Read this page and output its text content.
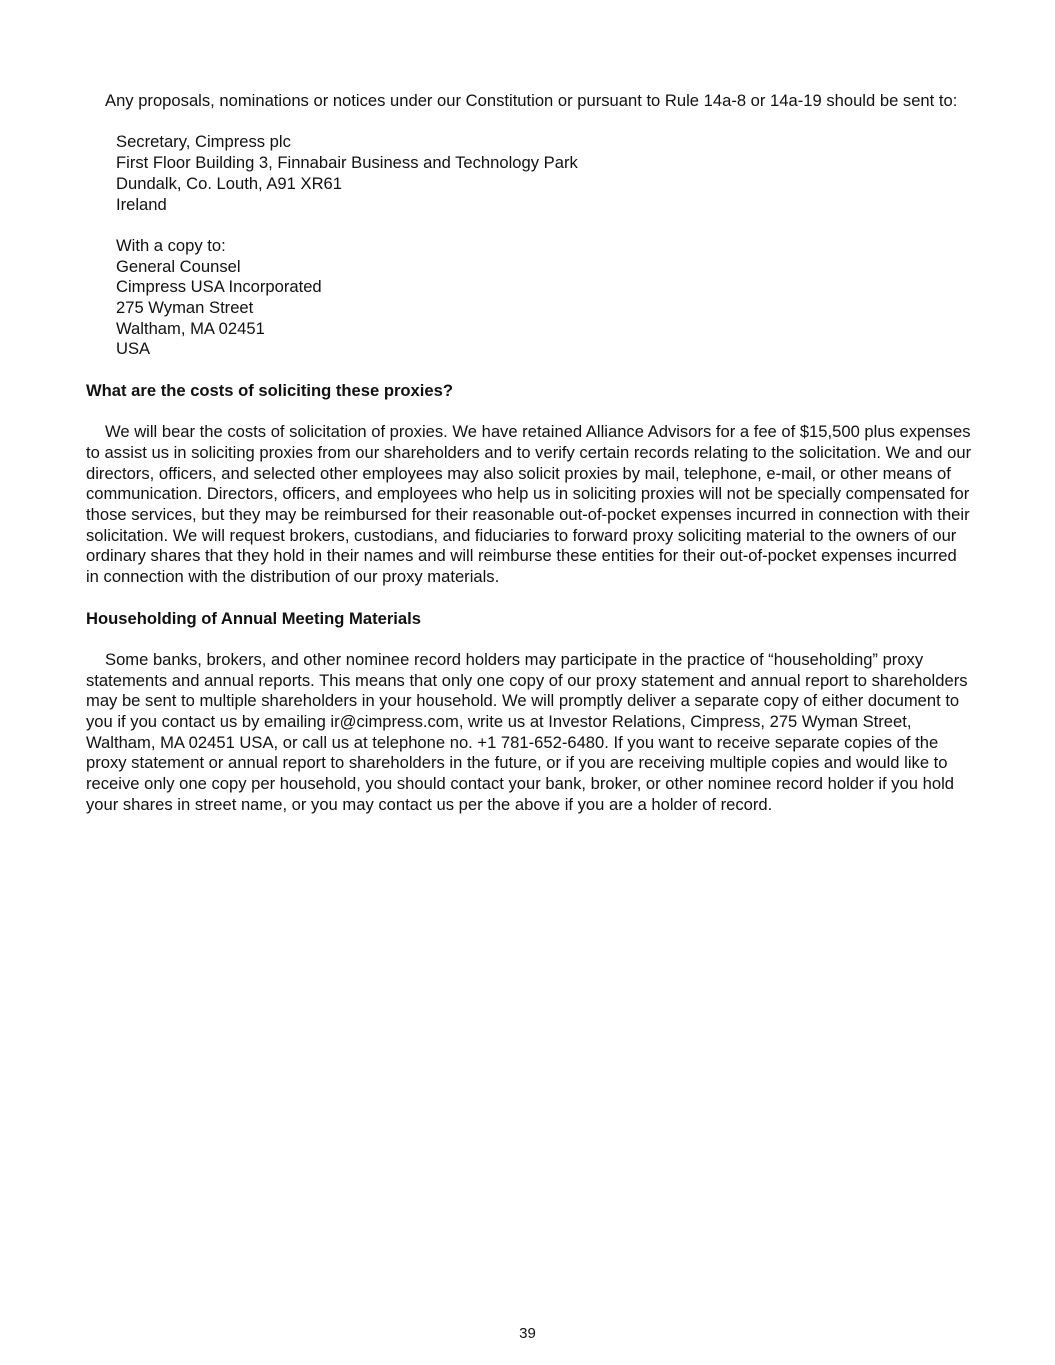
Any proposals, nominations or notices under our Constitution or pursuant to Rule 14a-8 or 14a-19 should be sent to:

Secretary, Cimpress plc
First Floor Building 3, Finnabair Business and Technology Park
Dundalk, Co. Louth, A91 XR61
Ireland
With a copy to:
General Counsel
Cimpress USA Incorporated
275 Wyman Street
Waltham, MA 02451
USA

What are the costs of soliciting these proxies?

We will bear the costs of solicitation of proxies. We have retained Alliance Advisors for a fee of $15,500 plus expenses to assist us in soliciting proxies from our shareholders and to verify certain records relating to the solicitation. We and our directors, officers, and selected other employees may also solicit proxies by mail, telephone, e-mail, or other means of communication. Directors, officers, and employees who help us in soliciting proxies will not be specially compensated for those services, but they may be reimbursed for their reasonable out-of-pocket expenses incurred in connection with their solicitation. We will request brokers, custodians, and fiduciaries to forward proxy soliciting material to the owners of our ordinary shares that they hold in their names and will reimburse these entities for their out-of-pocket expenses incurred in connection with the distribution of our proxy materials.

Householding of Annual Meeting Materials

Some banks, brokers, and other nominee record holders may participate in the practice of “householding” proxy statements and annual reports. This means that only one copy of our proxy statement and annual report to shareholders may be sent to multiple shareholders in your household. We will promptly deliver a separate copy of either document to you if you contact us by emailing ir@cimpress.com, write us at Investor Relations, Cimpress, 275 Wyman Street, Waltham, MA 02451 USA, or call us at telephone no. +1 781-652-6480. If you want to receive separate copies of the proxy statement or annual report to shareholders in the future, or if you are receiving multiple copies and would like to receive only one copy per household, you should contact your bank, broker, or other nominee record holder if you hold your shares in street name, or you may contact us per the above if you are a holder of record.

39
